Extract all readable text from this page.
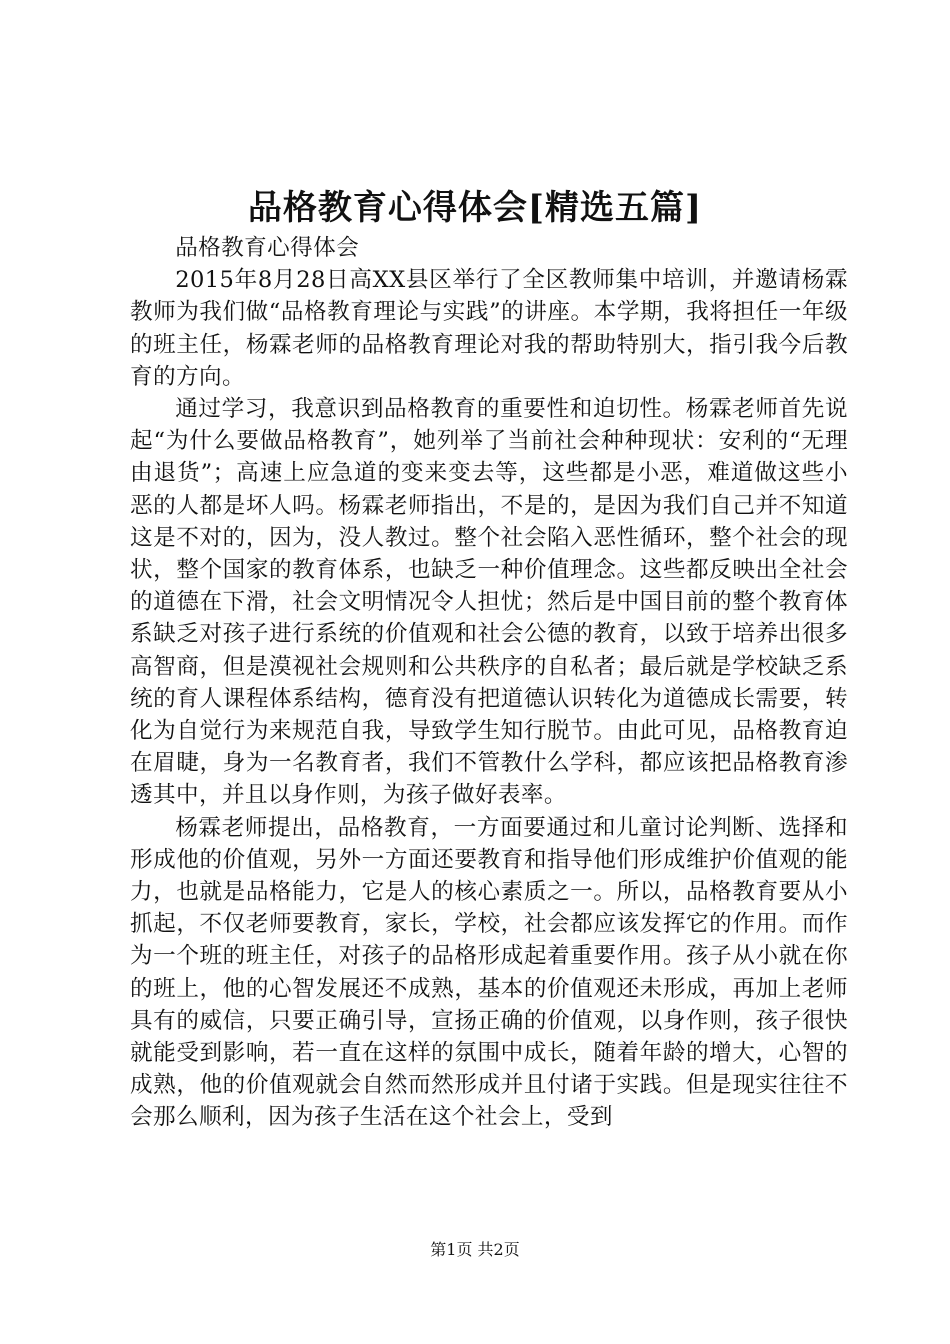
品格教育心得体会[精选五篇]

品格教育心得体会

2015年8月28日高XX县区举行了全区教师集中培训，并邀请杨霖教师为我们做“品格教育理论与实践”的讲座。本学期，我将担任一年级的班主任，杨霖老师的品格教育理论对我的帮助特别大，指引我今后教育的方向。

通过学习，我意识到品格教育的重要性和迫切性。杨霖老师首先说起“为什么要做品格教育”，她列举了当前社会种种现状：安利的“无理由退货”；高速上应急道的变来变去等，这些都是小恶，难道做这些小恶的人都是坏人吗。杨霖老师指出，不是的，是因为我们自己并不知道这是不对的，因为，没人教过。整个社会陷入恶性循环，整个社会的现状，整个国家的教育体系，也缺乏一种价值理念。这些都反映出全社会的道德在下滑，社会文明情况令人担忧；然后是中国目前的整个教育体系缺乏对孩子进行系统的价值观和社会公德的教育，以致于培养出很多高智商，但是漠视社会规则和公共秩序的自私者；最后就是学校缺乏系统的育人课程体系结构，德育没有把道德认识转化为道德成长需要，转化为自觉行为来规范自我，导致学生知行脱节。由此可见，品格教育迫在眉睫，身为一名教育者，我们不管教什么学科，都应该把品格教育渗透其中，并且以身作则，为孩子做好表率。

杨霖老师提出，品格教育，一方面要通过和儿童讨论判断、选择和形成他的价值观，另外一方面还要教育和指导他们形成维护价值观的能力，也就是品格能力，它是人的核心素质之一。所以，品格教育要从小抓起，不仅老师要教育，家长，学校，社会都应该发挥它的作用。而作为一个班的班主任，对孩子的品格形成起着重要作用。孩子从小就在你的班上，他的心智发展还不成熟，基本的价值观还未形成，再加上老师具有的威信，只要正确引导，宣扬正确的价值观，以身作则，孩子很快就能受到影响，若一直在这样的氛围中成长，随着年龄的增大，心智的成熟，他的价值观就会自然而然形成并且付诸于实践。但是现实往往不会那么顺利，因为孩子生活在这个社会上，受到

第1页 共2页
